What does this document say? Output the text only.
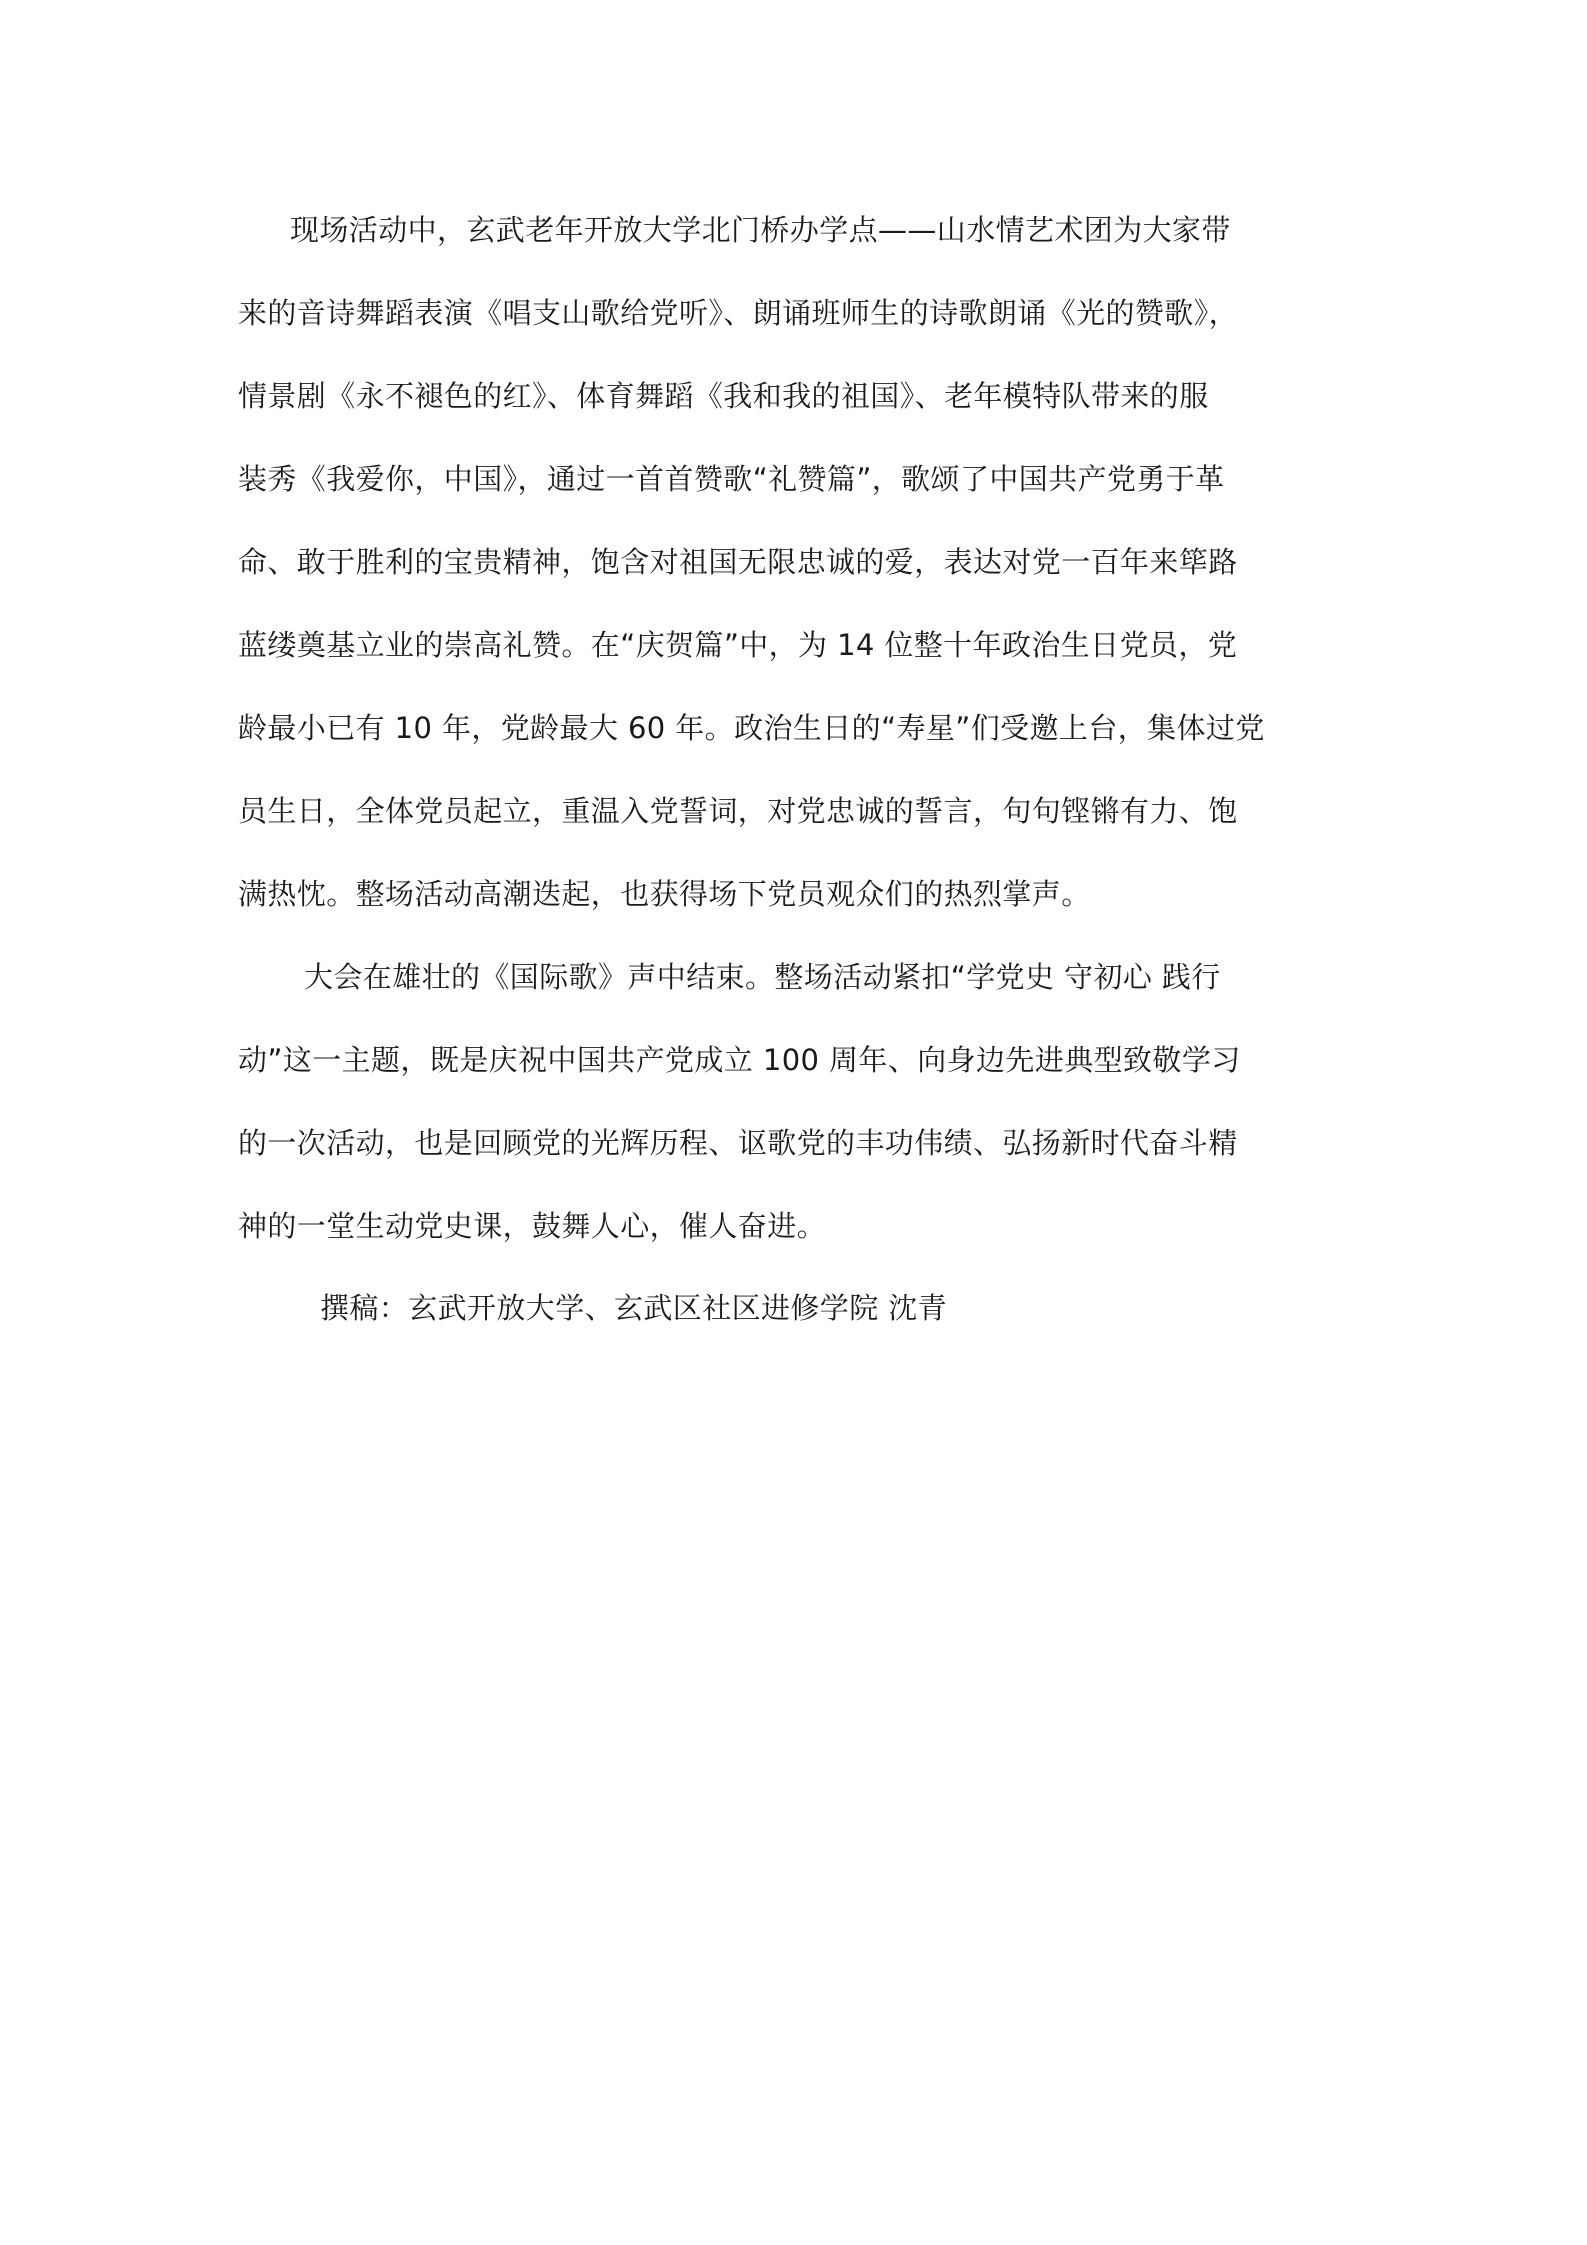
现场活动中，玄武老年开放大学北门桥办学点——山水情艺术团为大家带
来的音诗舞蹈表演《唱支山歌给党听》、朗诵班师生的诗歌朗诵《光的赞歌》，
情景剧《永不褪色的红》、体育舞蹈《我和我的祖国》、老年模特队带来的服
装秀《我爱你，中国》，通过一首首赞歌“礼赞篇”，歌颂了中国共产党勇于革
命、敢于胜利的宝贵精神，饱含对祖国无限忠诚的爱，表达对党一百年来筚路
蓝缕奠基立业的崇高礼赞。在“庆贺篇”中，为 14 位整十年政治生日党员，党
龄最小已有 10 年，党龄最大 60 年。政治生日的“寿星”们受邀上台，集体过党
员生日，全体党员起立，重温入党誓词，对党忠诚的誓言，句句铿锵有力、饱
满热忱。整场活动高潮迭起，也获得场下党员观众们的热烈掌声。
大会在雄壮的《国际歌》声中结束。整场活动紧扣“学党史 守初心 践行
动”这一主题，既是庆祝中国共产党成立 100 周年、向身边先进典型致敬学习
的一次活动，也是回顾党的光辉历程、讴歌党的丰功伟绩、弘扬新时代奋斗精
神的一堂生动党史课，鼓舞人心，催人奋进。
撰稿：玄武开放大学、玄武区社区进修学院 沈青
